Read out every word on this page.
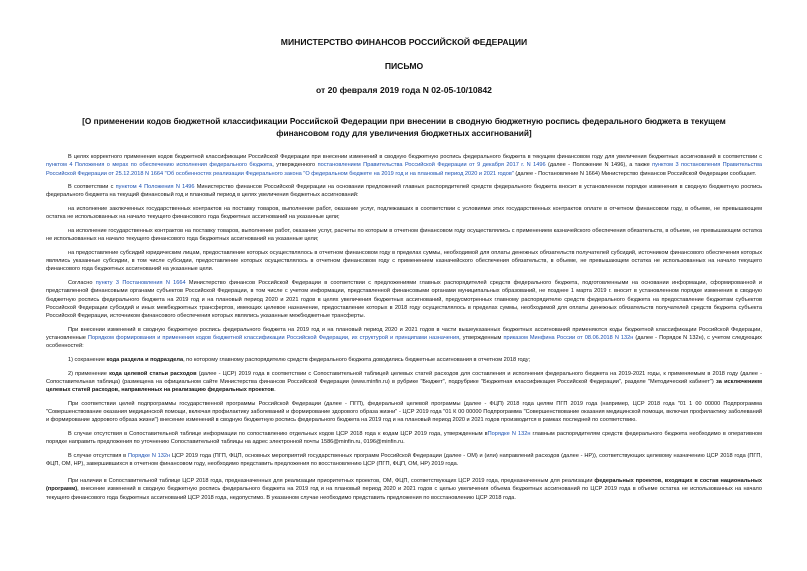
МИНИСТЕРСТВО ФИНАНСОВ РОССИЙСКОЙ ФЕДЕРАЦИИ
ПИСЬМО
от 20 февраля 2019 года N 02-05-10/10842
[О применении кодов бюджетной классификации Российской Федерации при внесении в сводную бюджетную роспись федерального бюджета в текущем финансовом году для увеличения бюджетных ассигнований]

В целях корректного применения кодов бюджетной классификации Российской Федерации при внесении изменений в сводную бюджетную роспись федерального бюджета в текущем финансовом году для увеличения бюджетных ассигнований в соответствии с пунктом 4 Положения о мерах по обеспечению исполнения федерального бюджета, утвержденного постановлением Правительства Российской Федерации от 9 декабря 2017 г. N 1496 (далее - Положение N 1496), а также пунктом 3 постановления Правительства Российской Федерации от 25.12.2018 N 1664 "Об особенностях реализации Федерального закона "О федеральном бюджете на 2019 год и на плановый период 2020 и 2021 годов" (далее - Постановление N 1664) Министерство финансов Российской Федерации сообщает.

В соответствии с пунктом 4 Положения N 1496 Министерство финансов Российской Федерации на основании предложений главных распорядителей средств федерального бюджета вносит в установленном порядке изменения в сводную бюджетную роспись федерального бюджета на текущий финансовый год и плановый период в целях увеличения бюджетных ассигнований:

на исполнение заключенных государственных контрактов на поставку товаров, выполнение работ, оказание услуг, подлежавших в соответствии с условиями этих государственных контрактов оплате в отчетном финансовом году, в объеме, не превышающем остатка не использованных на начало текущего финансового года бюджетных ассигнований на указанные цели;

на исполнение государственных контрактов на поставку товаров, выполнение работ, оказание услуг, расчеты по которым в отчетном финансовом году осуществлялись с применением казначейского обеспечения обязательств, в объеме, не превышающем остатка не использованных на начало текущего финансового года бюджетных ассигнований на указанные цели;

на предоставление субсидий юридическим лицам, предоставление которых осуществлялось в отчетном финансовом году в пределах суммы, необходимой для оплаты денежных обязательств получателей субсидий, источником финансового обеспечения которых являлись указанные субсидии, в том числе субсидии, предоставление которых осуществлялось в отчетном финансовом году с применением казначейского обеспечения обязательств, в объеме, не превышающем остатка не использованных на начало текущего финансового года бюджетных ассигнований на указанные цели.

Согласно пункту 3 Постановления N 1664 Министерство финансов Российской Федерации в соответствии с предложениями главных распорядителей средств федерального бюджета, подготовленными на основании информации, сформированной и представленной финансовыми органами субъектов Российской Федерации, в том числе с учетом информации, представленной финансовыми органами муниципальных образований, не позднее 1 марта 2019 г. вносит в установленном порядке изменения в сводную бюджетную роспись федерального бюджета на 2019 год и на плановый период 2020 и 2021 годов в целях увеличения бюджетных ассигнований, предусмотренных главному распорядителю средств федерального бюджета на предоставление бюджетам субъектов Российской Федерации субсидий и иных межбюджетных трансфертов, имеющих целевое назначение, предоставление которых в 2018 году осуществлялось в пределах суммы, необходимой для оплаты денежных обязательств получателей средств бюджета субъекта Российской Федерации, источником финансового обеспечения которых являлись указанные межбюджетные трансферты.

При внесении изменений в сводную бюджетную роспись федерального бюджета на 2019 год и на плановый период 2020 и 2021 годов в части вышеуказанных бюджетных ассигнований применяются коды бюджетной классификации Российской Федерации, установленные Порядком формирования и применения кодов бюджетной классификации Российской Федерации, их структурой и принципами назначения, утвержденным приказом Минфина России от 08.06.2018 N 132н (далее - Порядок N 132н), с учетом следующих особенностей:

1) сохранение кода раздела и подраздела, по которому главному распорядителю средств федерального бюджета доводились бюджетные ассигнования в отчетном 2018 году;

2) применение кода целевой статьи расходов (далее - ЦСР) 2019 года в соответствии с Сопоставительной таблицей целевых статей расходов для составления и исполнения федерального бюджета на 2019-2021 годы, к применяемым в 2018 году (далее - Сопоставительная таблица) (размещена на официальном сайте Министерства финансов Российской Федерации (www.minfin.ru) в рубрике "Бюджет", подрубрике "Бюджетная классификация Российской Федерации", разделе "Методический кабинет") за исключением целевых статей расходов, направленных на реализацию федеральных проектов.

При соответствии целей подпрограммы государственной программы Российской Федерации (далее - ПГП), федеральной целевой программы (далее - ФЦП) 2018 года целям ПГП 2019 года (например, ЦСР 2018 года "01 1 00 00000 Подпрограмма "Совершенствование оказания медицинской помощи, включая профилактику заболеваний и формирование здорового образа жизни" - ЦСР 2019 года "01 К 00 00000 Подпрограмма "Совершенствование оказания медицинской помощи, включая профилактику заболеваний и формирование здорового образа жизни") внесение изменений в сводную бюджетную роспись федерального бюджета на 2019 год и на плановый период 2020 и 2021 годов производится в рамках последней по соответствию.

В случае отсутствия в Сопоставительной таблице информации по сопоставлению отдельных кодов ЦСР 2018 года к кодам ЦСР 2019 года, утвержденным вПорядке N 132н главным распорядителям средств федерального бюджета необходимо в оперативном порядке направить предложения по уточнению Сопоставительной таблицы на адрес электронной почты 1586@minfin.ru, 0196@minfin.ru.

В случае отсутствия в Порядке N 132н ЦСР 2019 года (ПГП, ФЦП, основных мероприятий государственных программ Российской Федерации (далее - ОМ) и (или) направлений расходов (далее - НР)), соответствующих целевому назначению ЦСР 2018 года (ПГП, ФЦП, ОМ, НР), завершившихся в отчетном финансовом году, необходимо представить предложения по восстановлению ЦСР (ПГП, ФЦП, ОМ, НР) 2019 года.

При наличии в Сопоставительной таблице ЦСР 2018 года, предназначенных для реализации приоритетных проектов, ОМ, ФЦП, соответствующих ЦСР 2019 года, предназначенным для реализации федеральных проектов, входящих в состав национальных (программ), внесение изменений в сводную бюджетную роспись федерального бюджета на 2019 год и на плановый период 2020 и 2021 годов с целью увеличения объема бюджетных ассигнований по ЦСР 2019 года в объеме остатка не использованных на начало текущего финансового года бюджетных ассигнований ЦСР 2018 года, недопустимо. В указанном случае необходимо представить предложения по восстановлению ЦСР 2018 года.
